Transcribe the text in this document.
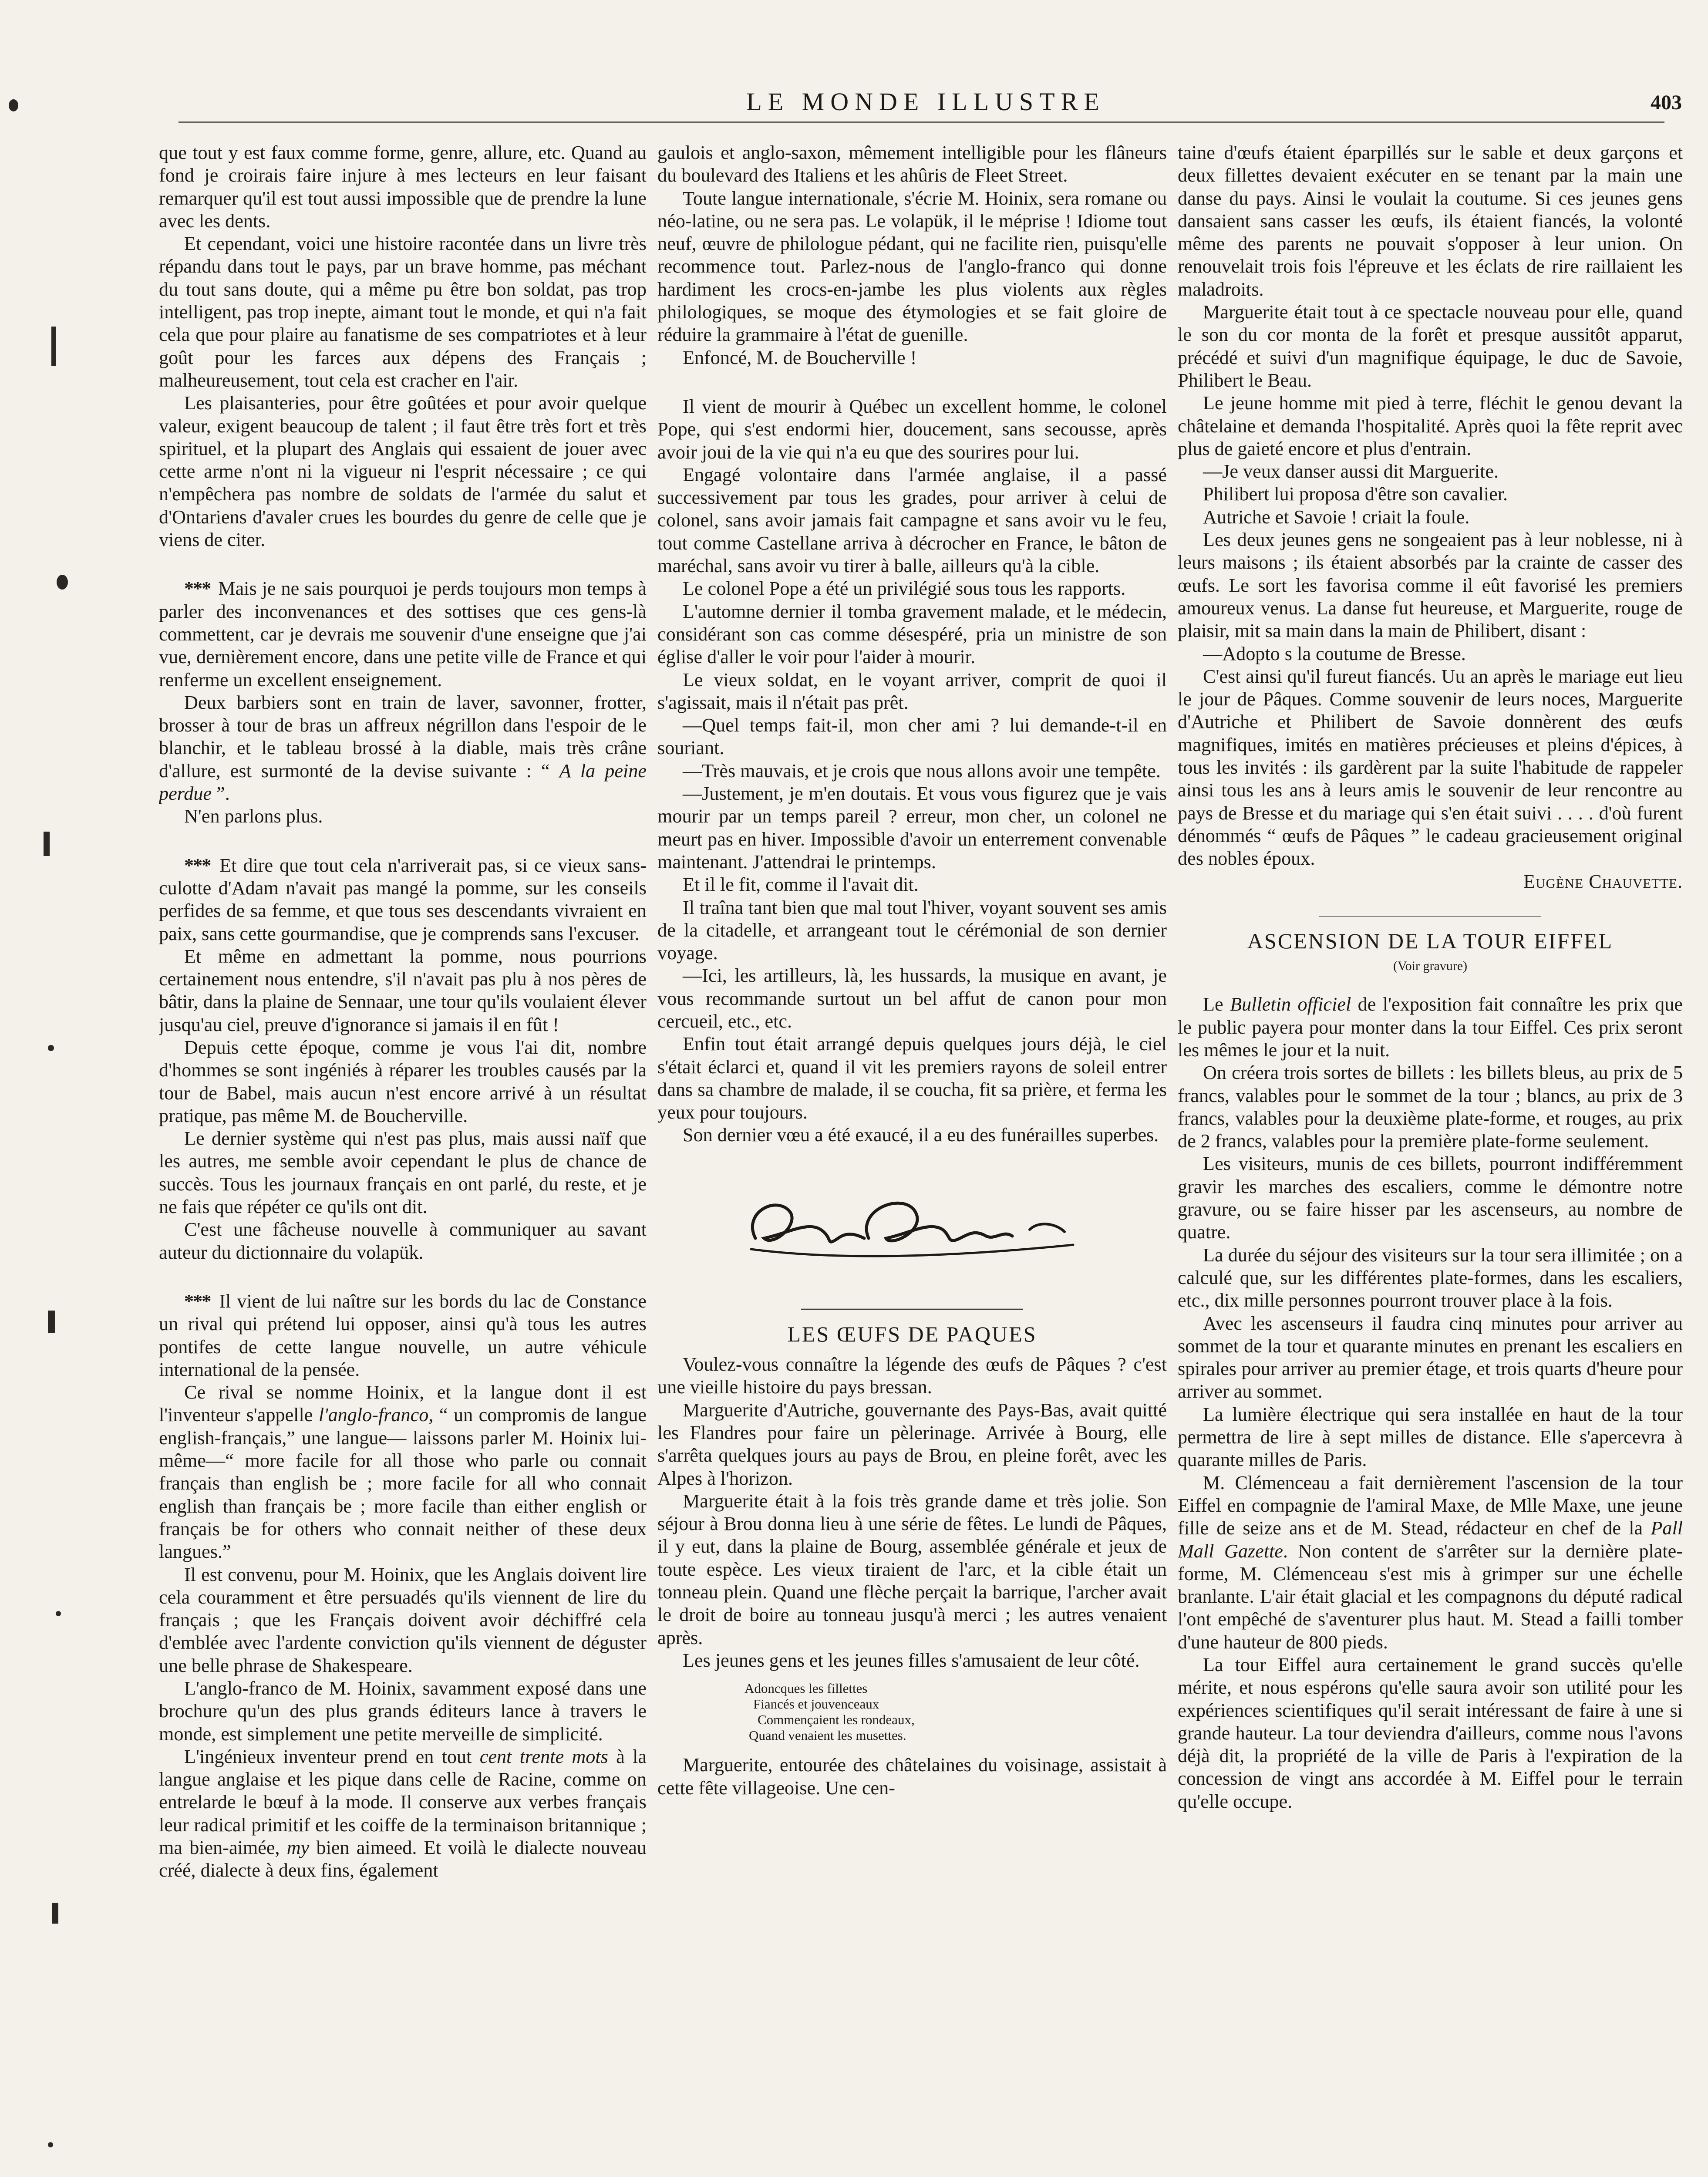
LE MONDE ILLUSTRE	403

que tout y est faux comme forme, genre, allure, etc. Quand au fond je croirais faire injure à mes lecteurs en leur faisant remarquer qu'il est tout aussi impossible que de prendre la lune avec les dents.

Et cependant, voici une histoire racontée dans un livre très répandu dans tout le pays, par un brave homme, pas méchant du tout sans doute, qui a même pu être bon soldat, pas trop intelligent, pas trop inepte, aimant tout le monde, et qui n'a fait cela que pour plaire au fanatisme de ses compatriotes et à leur goût pour les farces aux dépens des Français ; malheureusement, tout cela est cracher en l'air.

Les plaisanteries, pour être goûtées et pour avoir quelque valeur, exigent beaucoup de talent ; il faut être très fort et très spirituel, et la plupart des Anglais qui essaient de jouer avec cette arme n'ont ni la vigueur ni l'esprit nécessaire ; ce qui n'empêchera pas nombre de soldats de l'armée du salut et d'Ontariens d'avaler crues les bourdes du genre de celle que je viens de citer.

*** Mais je ne sais pourquoi je perds toujours mon temps à parler des inconvenances et des sottises que ces gens-là commettent, car je devrais me souvenir d'une enseigne que j'ai vue, dernièrement encore, dans une petite ville de France et qui renferme un excellent enseignement.

Deux barbiers sont en train de laver, savonner, frotter, brosser à tour de bras un affreux négrillon dans l'espoir de le blanchir, et le tableau brossé à la diable, mais très crâne d'allure, est surmonté de la devise suivante : “ A la peine perdue ”.

N'en parlons plus.

*** Et dire que tout cela n'arriverait pas, si ce vieux sans-culotte d'Adam n'avait pas mangé la pomme, sur les conseils perfides de sa femme, et que tous ses descendants vivraient en paix, sans cette gourmandise, que je comprends sans l'excuser.

Et même en admettant la pomme, nous pourrions certainement nous entendre, s'il n'avait pas plu à nos pères de bâtir, dans la plaine de Sennaar, une tour qu'ils voulaient élever jusqu'au ciel, preuve d'ignorance si jamais il en fût !

Depuis cette époque, comme je vous l'ai dit, nombre d'hommes se sont ingéniés à réparer les troubles causés par la tour de Babel, mais aucun n'est encore arrivé à un résultat pratique, pas même M. de Boucherville.

Le dernier système qui n'est pas plus, mais aussi naïf que les autres, me semble avoir cependant le plus de chance de succès. Tous les journaux français en ont parlé, du reste, et je ne fais que répéter ce qu'ils ont dit.

C'est une fâcheuse nouvelle à communiquer au savant auteur du dictionnaire du volapük.

*** Il vient de lui naître sur les bords du lac de Constance un rival qui prétend lui opposer, ainsi qu'à tous les autres pontifes de cette langue nouvelle, un autre véhicule international de la pensée.

Ce rival se nomme Hoinix, et la langue dont il est l'inventeur s'appelle l'anglo-franco, “ un compromis de langue english-français,” une langue— laissons parler M. Hoinix lui-même—“ more facile for all those who parle ou connait français than english be ; more facile for all who connait english than français be ; more facile than either english or français be for others who connait neither of these deux langues.”

Il est convenu, pour M. Hoinix, que les Anglais doivent lire cela couramment et être persuadés qu'ils viennent de lire du français ; que les Français doivent avoir déchiffré cela d'emblée avec l'ardente conviction qu'ils viennent de déguster une belle phrase de Shakespeare.

L'anglo-franco de M. Hoinix, savamment exposé dans une brochure qu'un des plus grands éditeurs lance à travers le monde, est simplement une petite merveille de simplicité.

L'ingénieux inventeur prend en tout cent trente mots à la langue anglaise et les pique dans celle de Racine, comme on entrelarde le bœuf à la mode. Il conserve aux verbes français leur radical primitif et les coiffe de la terminaison britannique ; ma bien-aimée, my bien aimeed. Et voilà le dialecte nouveau créé, dialecte à deux fins, également

gaulois et anglo-saxon, mêmement intelligible pour les flâneurs du boulevard des Italiens et les ahûris de Fleet Street.

Toute langue internationale, s'écrie M. Hoinix, sera romane ou néo-latine, ou ne sera pas. Le volapük, il le méprise ! Idiome tout neuf, œuvre de philologue pédant, qui ne facilite rien, puisqu'elle recommence tout. Parlez-nous de l'anglo-franco qui donne hardiment les crocs-en-jambe les plus violents aux règles philologiques, se moque des étymologies et se fait gloire de réduire la grammaire à l'état de guenille.

Enfoncé, M. de Boucherville !

Il vient de mourir à Québec un excellent homme, le colonel Pope, qui s'est endormi hier, doucement, sans secousse, après avoir joui de la vie qui n'a eu que des sourires pour lui.

Engagé volontaire dans l'armée anglaise, il a passé successivement par tous les grades, pour arriver à celui de colonel, sans avoir jamais fait campagne et sans avoir vu le feu, tout comme Castellane arriva à décrocher en France, le bâton de maréchal, sans avoir vu tirer à balle, ailleurs qu'à la cible.

Le colonel Pope a été un privilégié sous tous les rapports.

L'automne dernier il tomba gravement malade, et le médecin, considérant son cas comme désespéré, pria un ministre de son église d'aller le voir pour l'aider à mourir.

Le vieux soldat, en le voyant arriver, comprit de quoi il s'agissait, mais il n'était pas prêt.

—Quel temps fait-il, mon cher ami ? lui demande-t-il en souriant.

—Très mauvais, et je crois que nous allons avoir une tempête.

—Justement, je m'en doutais. Et vous vous figurez que je vais mourir par un temps pareil ? erreur, mon cher, un colonel ne meurt pas en hiver. Impossible d'avoir un enterrement convenable maintenant. J'attendrai le printemps.

Et il le fit, comme il l'avait dit.

Il traîna tant bien que mal tout l'hiver, voyant souvent ses amis de la citadelle, et arrangeant tout le cérémonial de son dernier voyage.

—Ici, les artilleurs, là, les hussards, la musique en avant, je vous recommande surtout un bel affut de canon pour mon cercueil, etc., etc.

Enfin tout était arrangé depuis quelques jours déjà, le ciel s'était éclarci et, quand il vit les premiers rayons de soleil entrer dans sa chambre de malade, il se coucha, fit sa prière, et ferma les yeux pour toujours.

Son dernier vœu a été exaucé, il a eu des funérailles superbes.

LES ŒUFS DE PAQUES

Voulez-vous connaître la légende des œufs de Pâques ? c'est une vieille histoire du pays bressan.

Marguerite d'Autriche, gouvernante des Pays-Bas, avait quitté les Flandres pour faire un pèlerinage. Arrivée à Bourg, elle s'arrêta quelques jours au pays de Brou, en pleine forêt, avec les Alpes à l'horizon.

Marguerite était à la fois très grande dame et très jolie. Son séjour à Brou donna lieu à une série de fêtes. Le lundi de Pâques, il y eut, dans la plaine de Bourg, assemblée générale et jeux de toute espèce. Les vieux tiraient de l'arc, et la cible était un tonneau plein. Quand une flèche perçait la barrique, l'archer avait le droit de boire au tonneau jusqu'à merci ; les autres venaient après.

Les jeunes gens et les jeunes filles s'amusaient de leur côté.

Adoncques les fillettes
Fiancés et jouvenceaux
Commençaient les rondeaux,
Quand venaient les musettes.

Marguerite, entourée des châtelaines du voisinage, assistait à cette fête villageoise. Une cen-

taine d'œufs étaient éparpillés sur le sable et deux garçons et deux fillettes devaient exécuter en se tenant par la main une danse du pays. Ainsi le voulait la coutume. Si ces jeunes gens dansaient sans casser les œufs, ils étaient fiancés, la volonté même des parents ne pouvait s'opposer à leur union. On renouvelait trois fois l'épreuve et les éclats de rire raillaient les maladroits.

Marguerite était tout à ce spectacle nouveau pour elle, quand le son du cor monta de la forêt et presque aussitôt apparut, précédé et suivi d'un magnifique équipage, le duc de Savoie, Philibert le Beau.

Le jeune homme mit pied à terre, fléchit le genou devant la châtelaine et demanda l'hospitalité. Après quoi la fête reprit avec plus de gaieté encore et plus d'entrain.

—Je veux danser aussi dit Marguerite.

Philibert lui proposa d'être son cavalier.

Autriche et Savoie ! criait la foule.

Les deux jeunes gens ne songeaient pas à leur noblesse, ni à leurs maisons ; ils étaient absorbés par la crainte de casser des œufs. Le sort les favorisa comme il eût favorisé les premiers amoureux venus. La danse fut heureuse, et Marguerite, rouge de plaisir, mit sa main dans la main de Philibert, disant :

—Adopto s la coutume de Bresse.

C'est ainsi qu'il fureut fiancés. Uu an après le mariage eut lieu le jour de Pâques. Comme souvenir de leurs noces, Marguerite d'Autriche et Philibert de Savoie donnèrent des œufs magnifiques, imités en matières précieuses et pleins d'épices, à tous les invités : ils gardèrent par la suite l'habitude de rappeler ainsi tous les ans à leurs amis le souvenir de leur rencontre au pays de Bresse et du mariage qui s'en était suivi . . . . d'où furent dénommés “ œufs de Pâques ” le cadeau gracieusement original des nobles époux.

Eugène Chauvette.

ASCENSION DE LA TOUR EIFFEL
(Voir gravure)

Le Bulletin officiel de l'exposition fait connaître les prix que le public payera pour monter dans la tour Eiffel. Ces prix seront les mêmes le jour et la nuit.

On créera trois sortes de billets : les billets bleus, au prix de 5 francs, valables pour le sommet de la tour ; blancs, au prix de 3 francs, valables pour la deuxième plate-forme, et rouges, au prix de 2 francs, valables pour la première plate-forme seulement.

Les visiteurs, munis de ces billets, pourront indifféremment gravir les marches des escaliers, comme le démontre notre gravure, ou se faire hisser par les ascenseurs, au nombre de quatre.

La durée du séjour des visiteurs sur la tour sera illimitée ; on a calculé que, sur les différentes plate-formes, dans les escaliers, etc., dix mille personnes pourront trouver place à la fois.

Avec les ascenseurs il faudra cinq minutes pour arriver au sommet de la tour et quarante minutes en prenant les escaliers en spirales pour arriver au premier étage, et trois quarts d'heure pour arriver au sommet.

La lumière électrique qui sera installée en haut de la tour permettra de lire à sept milles de distance. Elle s'apercevra à quarante milles de Paris.

M. Clémenceau a fait dernièrement l'ascension de la tour Eiffel en compagnie de l'amiral Maxe, de Mlle Maxe, une jeune fille de seize ans et de M. Stead, rédacteur en chef de la Pall Mall Gazette. Non content de s'arrêter sur la dernière plate-forme, M. Clémenceau s'est mis à grimper sur une échelle branlante. L'air était glacial et les compagnons du député radical l'ont empêché de s'aventurer plus haut. M. Stead a failli tomber d'une hauteur de 800 pieds.

La tour Eiffel aura certainement le grand succès qu'elle mérite, et nous espérons qu'elle saura avoir son utilité pour les expériences scientifiques qu'il serait intéressant de faire à une si grande hauteur. La tour deviendra d'ailleurs, comme nous l'avons déjà dit, la propriété de la ville de Paris à l'expiration de la concession de vingt ans accordée à M. Eiffel pour le terrain qu'elle occupe.
